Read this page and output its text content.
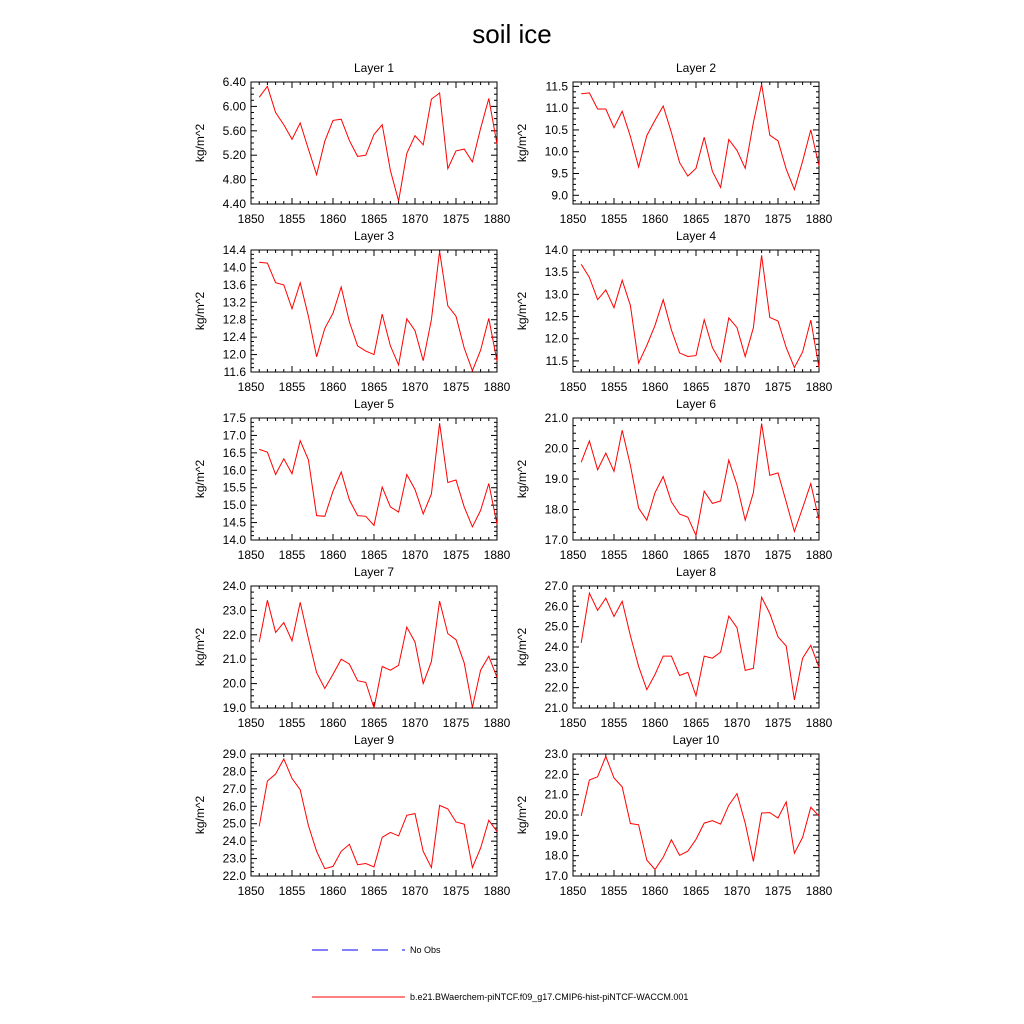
soil ice
1850 1855 1860 1865 1870 1875 1880
4.40
4.80
5.20
5.60
6.00
6.40
Layer 1
kg/m^2
1850 1855 1860 1865 1870 1875 1880
9.0
9.5
10.0
10.5
11.0
11.5
Layer 2
kg/m^2
1850 1855 1860 1865 1870 1875 1880
11.6
12.0
12.4
12.8
13.2
13.6
14.0
14.4
Layer 3
kg/m^2
1850 1855 1860 1865 1870 1875 1880
11.5
12.0
12.5
13.0
13.5
14.0
Layer 4
kg/m^2
1850 1855 1860 1865 1870 1875 1880
14.0
14.5
15.0
15.5
16.0
16.5
17.0
17.5
Layer 5
kg/m^2
1850 1855 1860 1865 1870 1875 1880
17.0
18.0
19.0
20.0
21.0
Layer 6
kg/m^2
1850 1855 1860 1865 1870 1875 1880
19.0
20.0
21.0
22.0
23.0
24.0
Layer 7
kg/m^2
1850 1855 1860 1865 1870 1875 1880
21.0
22.0
23.0
24.0
25.0
26.0
27.0
Layer 8
kg/m^2
1850 1855 1860 1865 1870 1875 1880
22.0
23.0
24.0
25.0
26.0
27.0
28.0
29.0
Layer 9
kg/m^2
1850 1855 1860 1865 1870 1875 1880
17.0
18.0
19.0
20.0
21.0
22.0
23.0
Layer 10
kg/m^2
No Obs
b.e21.BWaerchem-piNTCF.f09_g17.CMIP6-hist-piNTCF-WACCM.001
